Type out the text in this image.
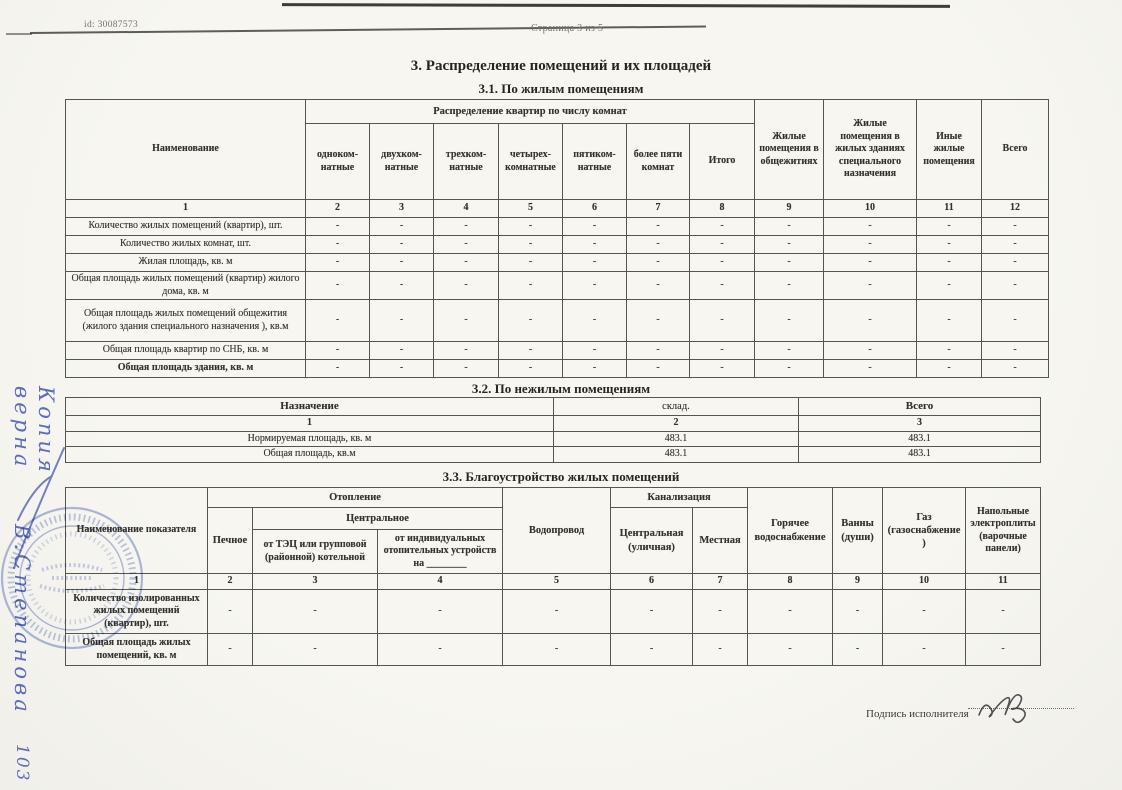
id: 30087573	Страница 3 из 5
3. Распределение помещений и их площадей
3.1. По жилым помещениям
Наименование	Распределение квартир по числу комнат							Жилые помещения в общежитиях	Жилые помещения в жилых зданиях специального назначения	Иные жилые помещения	Всего
	одноком-натные	двухком-натные	трехком-натные	четырех-комнатные	пятиком-натные	более пяти комнат	Итого				
1	2	3	4	5	6	7	8	9	10	11	12
Количество жилых помещений (квартир), шт.	-	-	-	-	-	-	-	-	-	-	-
Количество жилых комнат, шт.	-	-	-	-	-	-	-	-	-	-	-
Жилая площадь, кв. м	-	-	-	-	-	-	-	-	-	-	-
Общая площадь жилых помещений (квартир) жилого дома, кв. м	-	-	-	-	-	-	-	-	-	-	-
Общая площадь жилых помещений общежития (жилого здания специального назначения ), кв.м	-	-	-	-	-	-	-	-	-	-	-
Общая площадь квартир по СНБ, кв. м	-	-	-	-	-	-	-	-	-	-	-
Общая площадь здания, кв. м	-	-	-	-	-	-	-	-	-	-	-
3.2. По нежилым помещениям
Назначение	склад.	Всего
1	2	3
Нормируемая площадь, кв. м	483.1	483.1
Общая площадь, кв.м	483.1	483.1
3.3. Благоустройство жилых помещений
Наименование показателя	Отопление			Водопровод	Канализация		Горячее водоснабжение	Ванны (души)	Газ (газоснабжение)	Напольные электроплиты (варочные панели)
	Печное	Центральное			Центральная (уличная)	Местная				
		от ТЭЦ или групповой (районной) котельной	от индивидуальных отопительных устройств на ________							
1	2	3	4	5	6	7	8	9	10	11
Количество изолированных жилых помещений (квартир), шт.	-	-	-	-	-	-	-	-	-	-
Общая площадь жилых помещений, кв. м	-	-	-	-	-	-	-	-	-	-
Подпись исполнителя
Копия вернаВ.Степанова
103
